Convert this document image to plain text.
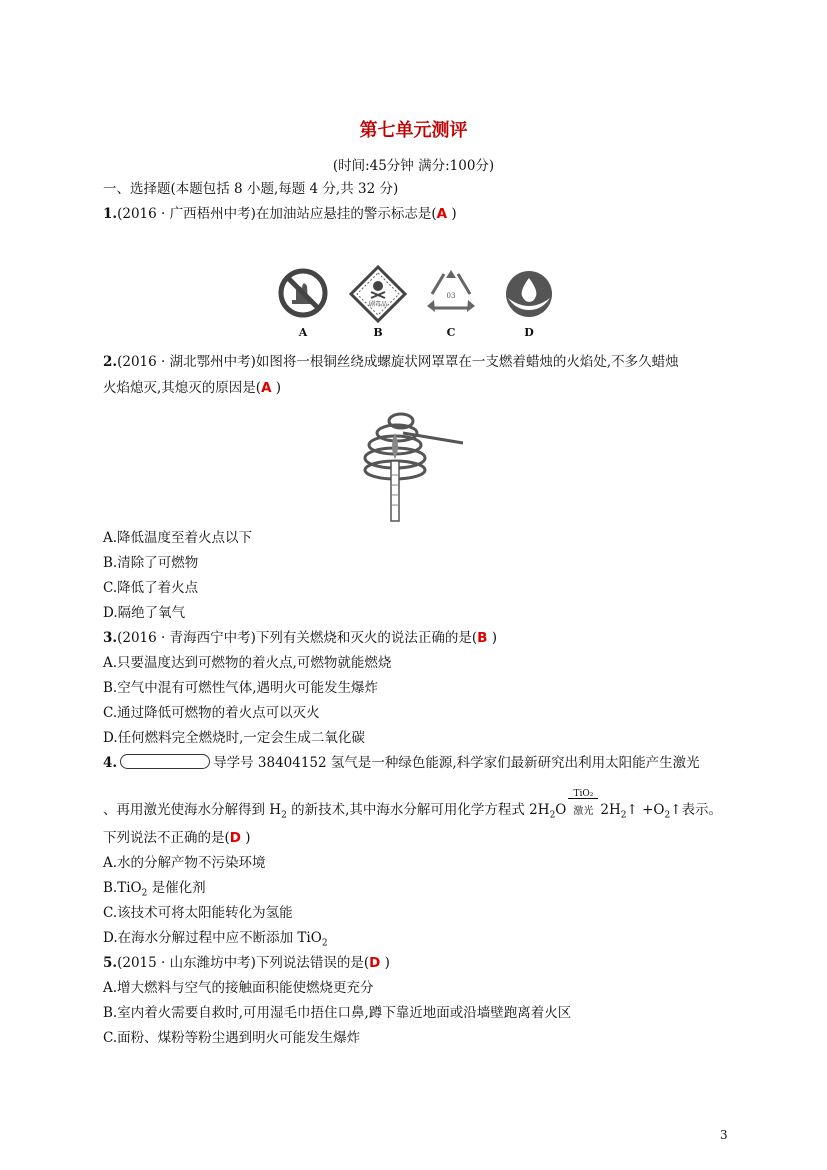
第七单元测评
(时间:45分钟 满分:100分)
一、选择题(本题包括 8 小题,每题 4 分,共 32 分)
1.(2016 · 广西梧州中考)在加油站应悬挂的警示标志是(A )
剧毒品
03
A	B	C	D
2.(2016 · 湖北鄂州中考)如图将一根铜丝绕成螺旋状网罩罩在一支燃着蜡烛的火焰处,不多久蜡烛
火焰熄灭,其熄灭的原因是(A )
A.降低温度至着火点以下
B.清除了可燃物
C.降低了着火点
D.隔绝了氧气
3.(2016 · 青海西宁中考)下列有关燃烧和灭火的说法正确的是(B )
A.只要温度达到可燃物的着火点,可燃物就能燃烧
B.空气中混有可燃性气体,遇明火可能发生爆炸
C.通过降低可燃物的着火点可以灭火
D.任何燃料完全燃烧时,一定会生成二氧化碳
4.	导学号 38404152 氢气是一种绿色能源,科学家们最新研究出利用太阳能产生激光
、再用激光使海水分解得到 $H_2$ 的新技术,其中海水分解可用化学方程式 $2H_2O$
TiO₂
激光 $2H_2↑$ $+O_2↑$表示。
下列说法不正确的是(D )
A.水的分解产物不污染环境
B.TiO$_2$ 是催化剂
C.该技术可将太阳能转化为氢能
D.在海水分解过程中应不断添加 TiO$_2$
5.(2015 · 山东潍坊中考)下列说法错误的是(D )
A.增大燃料与空气的接触面积能使燃烧更充分
B.室内着火需要自救时,可用湿毛巾捂住口鼻,蹲下靠近地面或沿墙壁跑离着火区
C.面粉、煤粉等粉尘遇到明火可能发生爆炸
3
